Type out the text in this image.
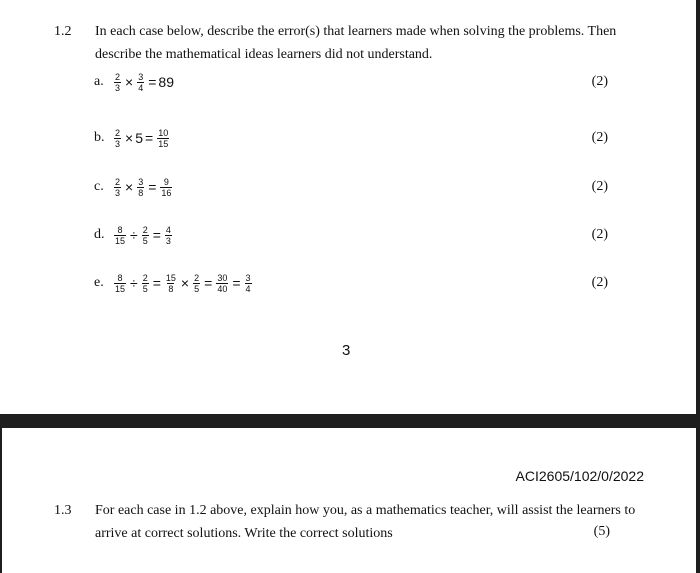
1.2 In each case below, describe the error(s) that learners made when solving the problems. Then
describe the mathematical ideas learners did not understand.
a.	$\frac{2}{3} \times \frac{3}{4} = 89$	(2)
b.	$\frac{2}{3} \times 5 = \frac{10}{15}$	(2)
c.	$\frac{2}{3} \times \frac{3}{8} = \frac{9}{16}$	(2)
d.	$\frac{8}{15} \div \frac{2}{5} = \frac{4}{3}$	(2)
e.	$\frac{8}{15} \div \frac{2}{5} = \frac{15}{8} \times \frac{2}{5} = \frac{30}{40} = \frac{3}{4}$	(2)
3
ACI2605/102/0/2022
1.3 For each case in 1.2 above, explain how you, as a mathematics teacher, will assist the learners to
arrive at correct solutions. Write the correct solutions	(5)
